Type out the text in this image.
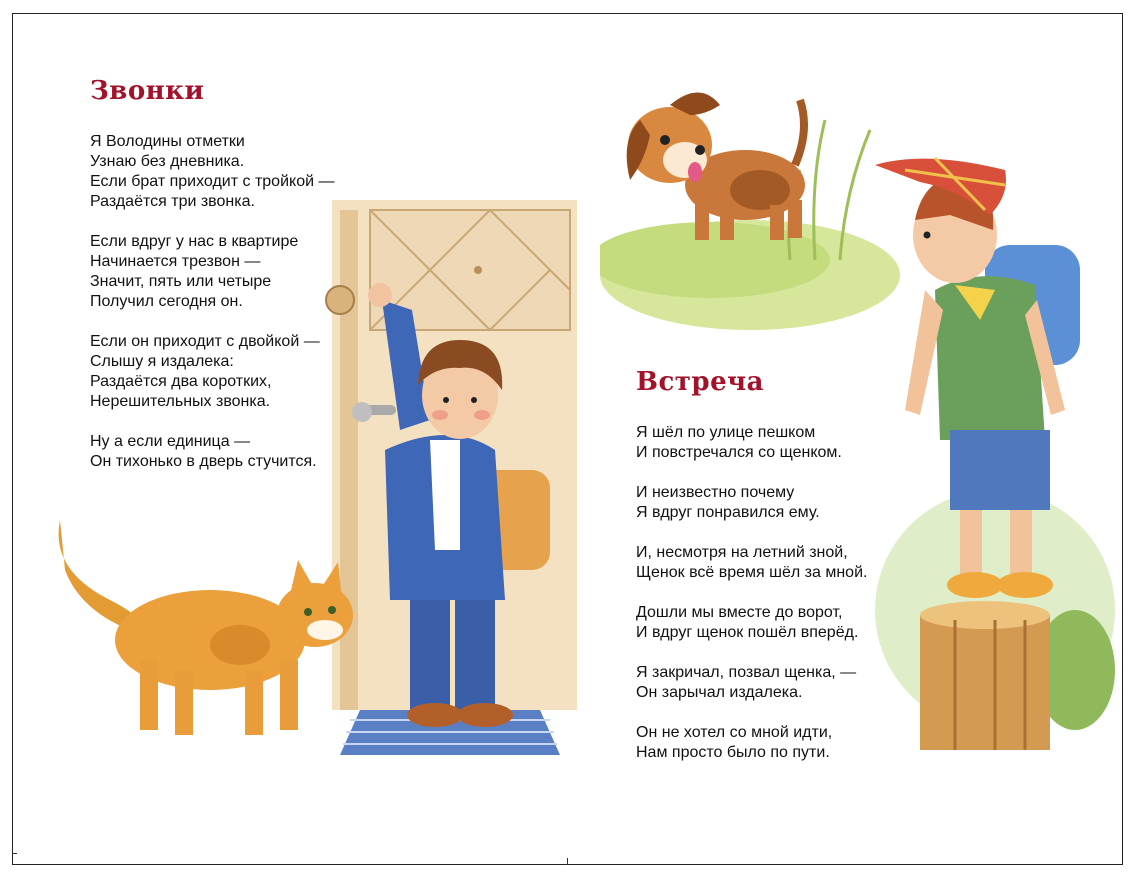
Звонки
Я Володины отметки
Узнаю без дневника.
Если брат приходит с тройкой —
Раздаётся три звонка.
Если вдруг у нас в квартире
Начинается трезвон —
Значит, пять или четыре
Получил сегодня он.
Если он приходит с двойкой —
Слышу я издалека:
Раздаётся два коротких,
Нерешительных звонка.
Ну а если единица —
Он тихонько в дверь стучится.
Встреча
Я шёл по улице пешком
И повстречался со щенком.
И неизвестно почему
Я вдруг понравился ему.
И, несмотря на летний зной,
Щенок всё время шёл за мной.
Дошли мы вместе до ворот,
И вдруг щенок пошёл вперёд.
Я закричал, позвал щенка, —
Он зарычал издалека.
Он не хотел со мной идти,
Нам просто было по пути.
